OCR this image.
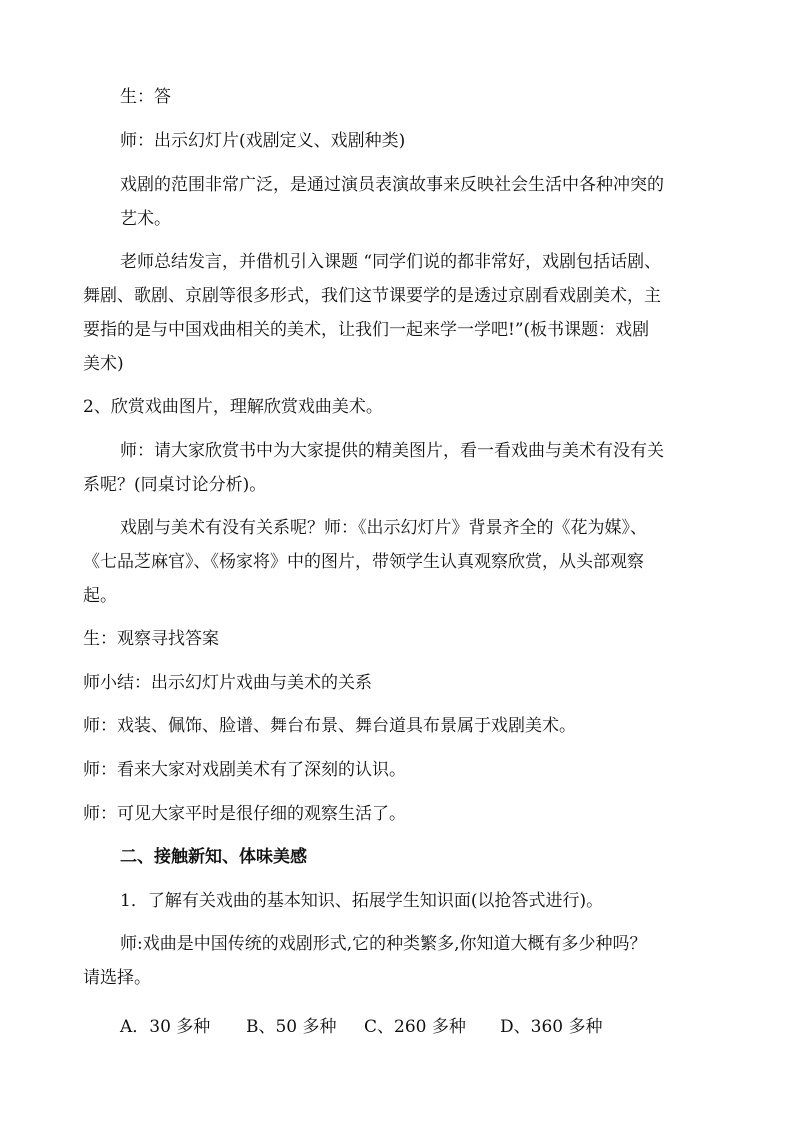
生：答
师：出示幻灯片(戏剧定义、戏剧种类)
戏剧的范围非常广泛，是通过演员表演故事来反映社会生活中各种冲突的
艺术。
老师总结发言，并借机引入课题 “同学们说的都非常好，戏剧包括话剧、
舞剧、歌剧、京剧等很多形式，我们这节课要学的是透过京剧看戏剧美术，主
要指的是与中国戏曲相关的美术，让我们一起来学一学吧!”(板书课题：戏剧
美术)
2、欣赏戏曲图片，理解欣赏戏曲美术。
师：请大家欣赏书中为大家提供的精美图片，看一看戏曲与美术有没有关
系呢？(同桌讨论分析)。
戏剧与美术有没有关系呢？师：《出示幻灯片》背景齐全的《花为媒》、
《七品芝麻官》、《杨家将》中的图片，带领学生认真观察欣赏，从头部观察
起。
生：观察寻找答案
师小结：出示幻灯片戏曲与美术的关系
师：戏装、佩饰、脸谱、舞台布景、舞台道具布景属于戏剧美术。
师：看来大家对戏剧美术有了深刻的认识。
师：可见大家平时是很仔细的观察生活了。
二、接触新知、体味美感
1．了解有关戏曲的基本知识、拓展学生知识面(以抢答式进行)。
师:戏曲是中国传统的戏剧形式,它的种类繁多,你知道大概有多少种吗？
请选择。
A．30 多种 B、50 多种 C、260 多种 D、360 多种
